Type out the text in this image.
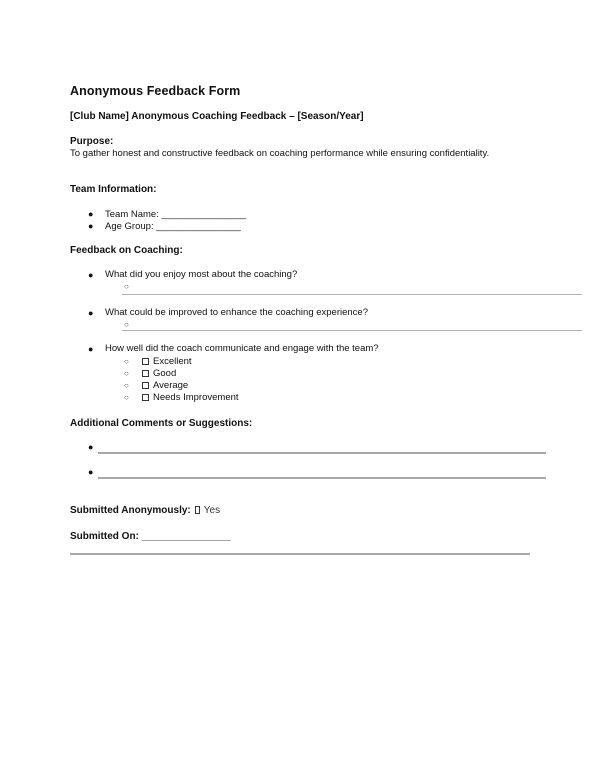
Anonymous Feedback Form
[Club Name] Anonymous Coaching Feedback – [Season/Year]
Purpose:
To gather honest and constructive feedback on coaching performance while ensuring confidentiality.
Team Information:
● Team Name: ________________
● Age Group: ________________
Feedback on Coaching:
● What did you enjoy most about the coaching?
○
● What could be improved to enhance the coaching experience?
○
● How well did the coach communicate and engage with the team?
○	Excellent
○	Good
○	Average
○	Needs Improvement
Additional Comments or Suggestions:
●
●
Submitted Anonymously: Yes
Submitted On: ________________
